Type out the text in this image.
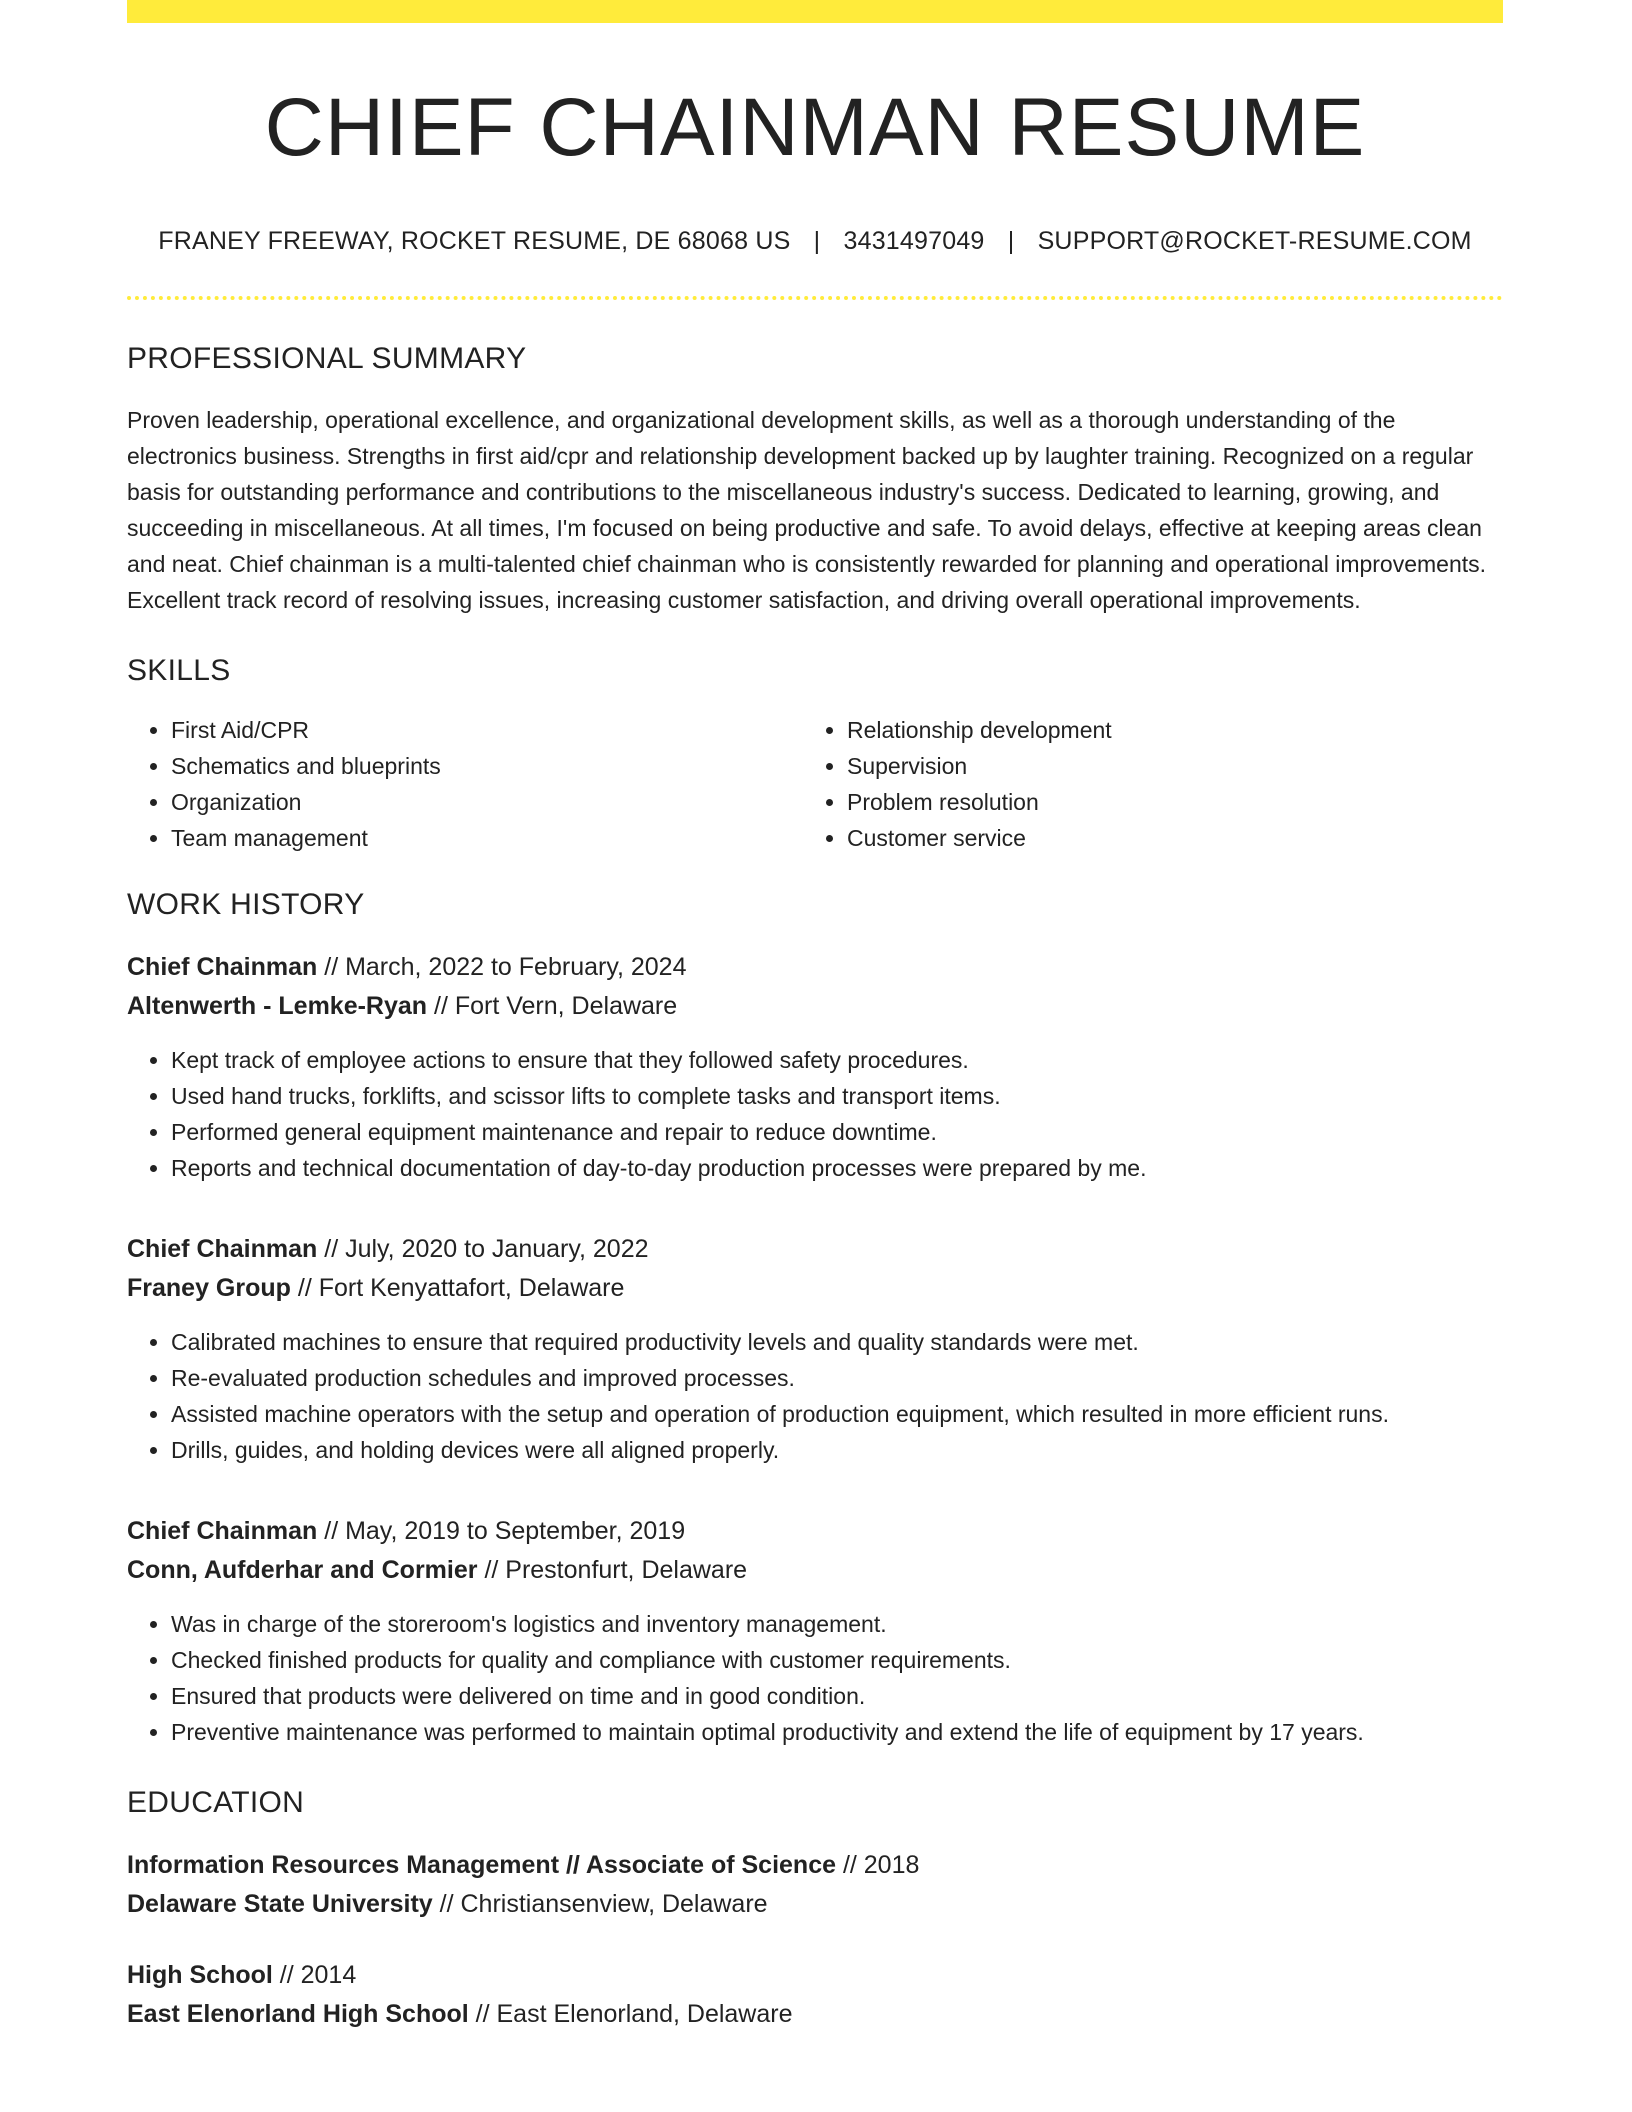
CHIEF CHAINMAN RESUME
FRANEY FREEWAY, ROCKET RESUME, DE 68068 US | 3431497049 | SUPPORT@ROCKET-RESUME.COM
PROFESSIONAL SUMMARY

Proven leadership, operational excellence, and organizational development skills, as well as a thorough understanding of the electronics business. Strengths in first aid/cpr and relationship development backed up by laughter training. Recognized on a regular basis for outstanding performance and contributions to the miscellaneous industry's success. Dedicated to learning, growing, and succeeding in miscellaneous. At all times, I'm focused on being productive and safe. To avoid delays, effective at keeping areas clean and neat. Chief chainman is a multi-talented chief chainman who is consistently rewarded for planning and operational improvements. Excellent track record of resolving issues, increasing customer satisfaction, and driving overall operational improvements.

SKILLS
• First Aid/CPR
• Schematics and blueprints
• Organization
• Team management
• Relationship development
• Supervision
• Problem resolution
• Customer service
WORK HISTORY
Chief Chainman // March, 2022 to February, 2024
Altenwerth - Lemke-Ryan // Fort Vern, Delaware
• Kept track of employee actions to ensure that they followed safety procedures.
• Used hand trucks, forklifts, and scissor lifts to complete tasks and transport items.
• Performed general equipment maintenance and repair to reduce downtime.
• Reports and technical documentation of day-to-day production processes were prepared by me.
Chief Chainman // July, 2020 to January, 2022
Franey Group // Fort Kenyattafort, Delaware
• Calibrated machines to ensure that required productivity levels and quality standards were met.
• Re-evaluated production schedules and improved processes.
• Assisted machine operators with the setup and operation of production equipment, which resulted in more efficient runs.
• Drills, guides, and holding devices were all aligned properly.
Chief Chainman // May, 2019 to September, 2019
Conn, Aufderhar and Cormier // Prestonfurt, Delaware
• Was in charge of the storeroom's logistics and inventory management.
• Checked finished products for quality and compliance with customer requirements.
• Ensured that products were delivered on time and in good condition.
• Preventive maintenance was performed to maintain optimal productivity and extend the life of equipment by 17 years.
EDUCATION
Information Resources Management // Associate of Science // 2018
Delaware State University // Christiansenview, Delaware
High School // 2014
East Elenorland High School // East Elenorland, Delaware
